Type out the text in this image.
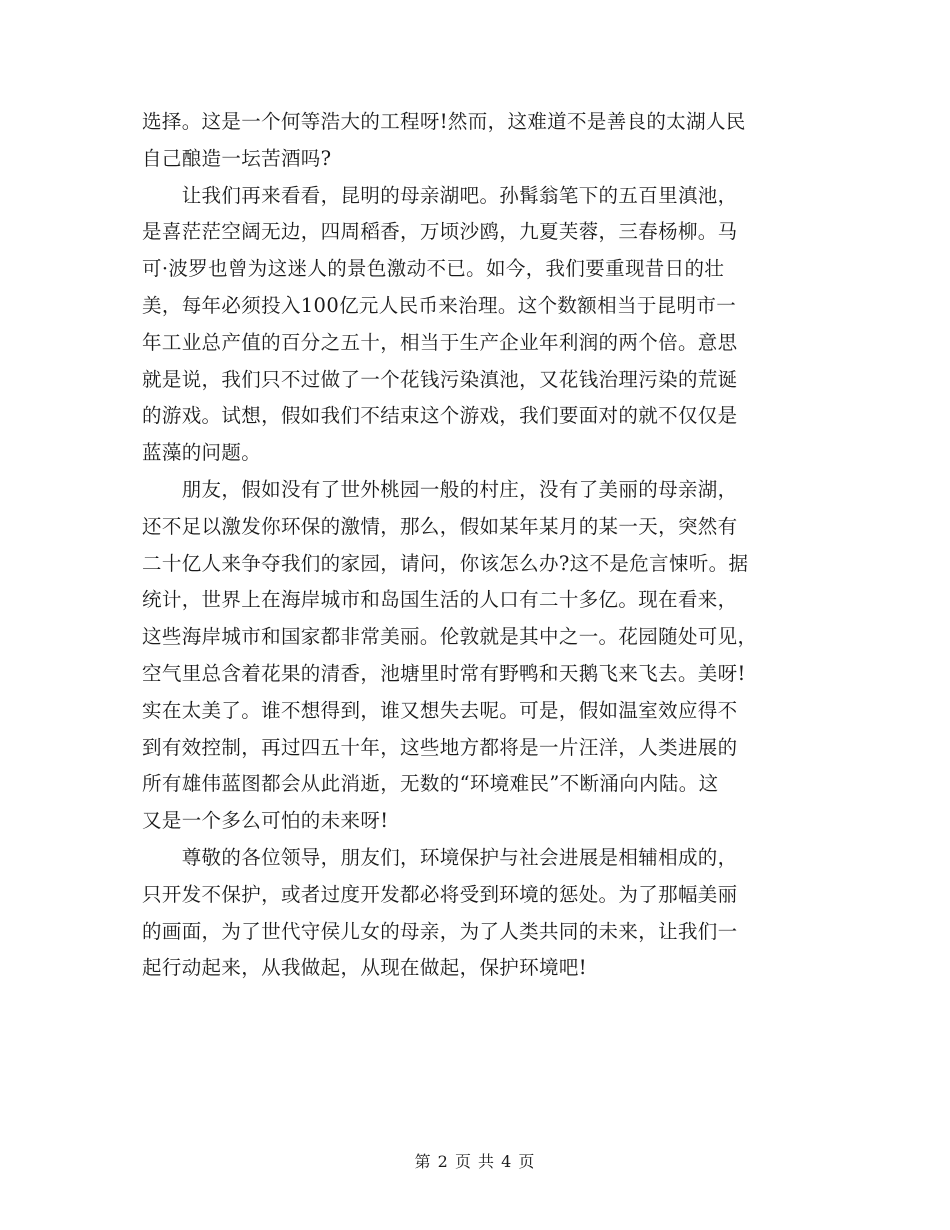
选择。这是一个何等浩大的工程呀!然而，这难道不是善良的太湖人民
自己酿造一坛苦酒吗?
　　让我们再来看看，昆明的母亲湖吧。孙髯翁笔下的五百里滇池，
是喜茫茫空阔无边，四周稻香，万顷沙鸥，九夏芙蓉，三春杨柳。马
可·波罗也曾为这迷人的景色激动不已。如今，我们要重现昔日的壮
美，每年必须投入100亿元人民币来治理。这个数额相当于昆明市一
年工业总产值的百分之五十，相当于生产企业年利润的两个倍。意思
就是说，我们只不过做了一个花钱污染滇池，又花钱治理污染的荒诞
的游戏。试想，假如我们不结束这个游戏，我们要面对的就不仅仅是
蓝藻的问题。
　　朋友，假如没有了世外桃园一般的村庄，没有了美丽的母亲湖，
还不足以激发你环保的激情，那么，假如某年某月的某一天，突然有
二十亿人来争夺我们的家园，请问，你该怎么办?这不是危言悚听。据
统计，世界上在海岸城市和岛国生活的人口有二十多亿。现在看来，
这些海岸城市和国家都非常美丽。伦敦就是其中之一。花园随处可见，
空气里总含着花果的清香，池塘里时常有野鸭和天鹅飞来飞去。美呀!
实在太美了。谁不想得到，谁又想失去呢。可是，假如温室效应得不
到有效控制，再过四五十年，这些地方都将是一片汪洋，人类进展的
所有雄伟蓝图都会从此消逝，无数的“环境难民”不断涌向内陆。这
又是一个多么可怕的未来呀!
　　尊敬的各位领导，朋友们，环境保护与社会进展是相辅相成的，
只开发不保护，或者过度开发都必将受到环境的惩处。为了那幅美丽
的画面，为了世代守侯儿女的母亲，为了人类共同的未来，让我们一
起行动起来，从我做起，从现在做起，保护环境吧!
第 2 页 共 4 页
